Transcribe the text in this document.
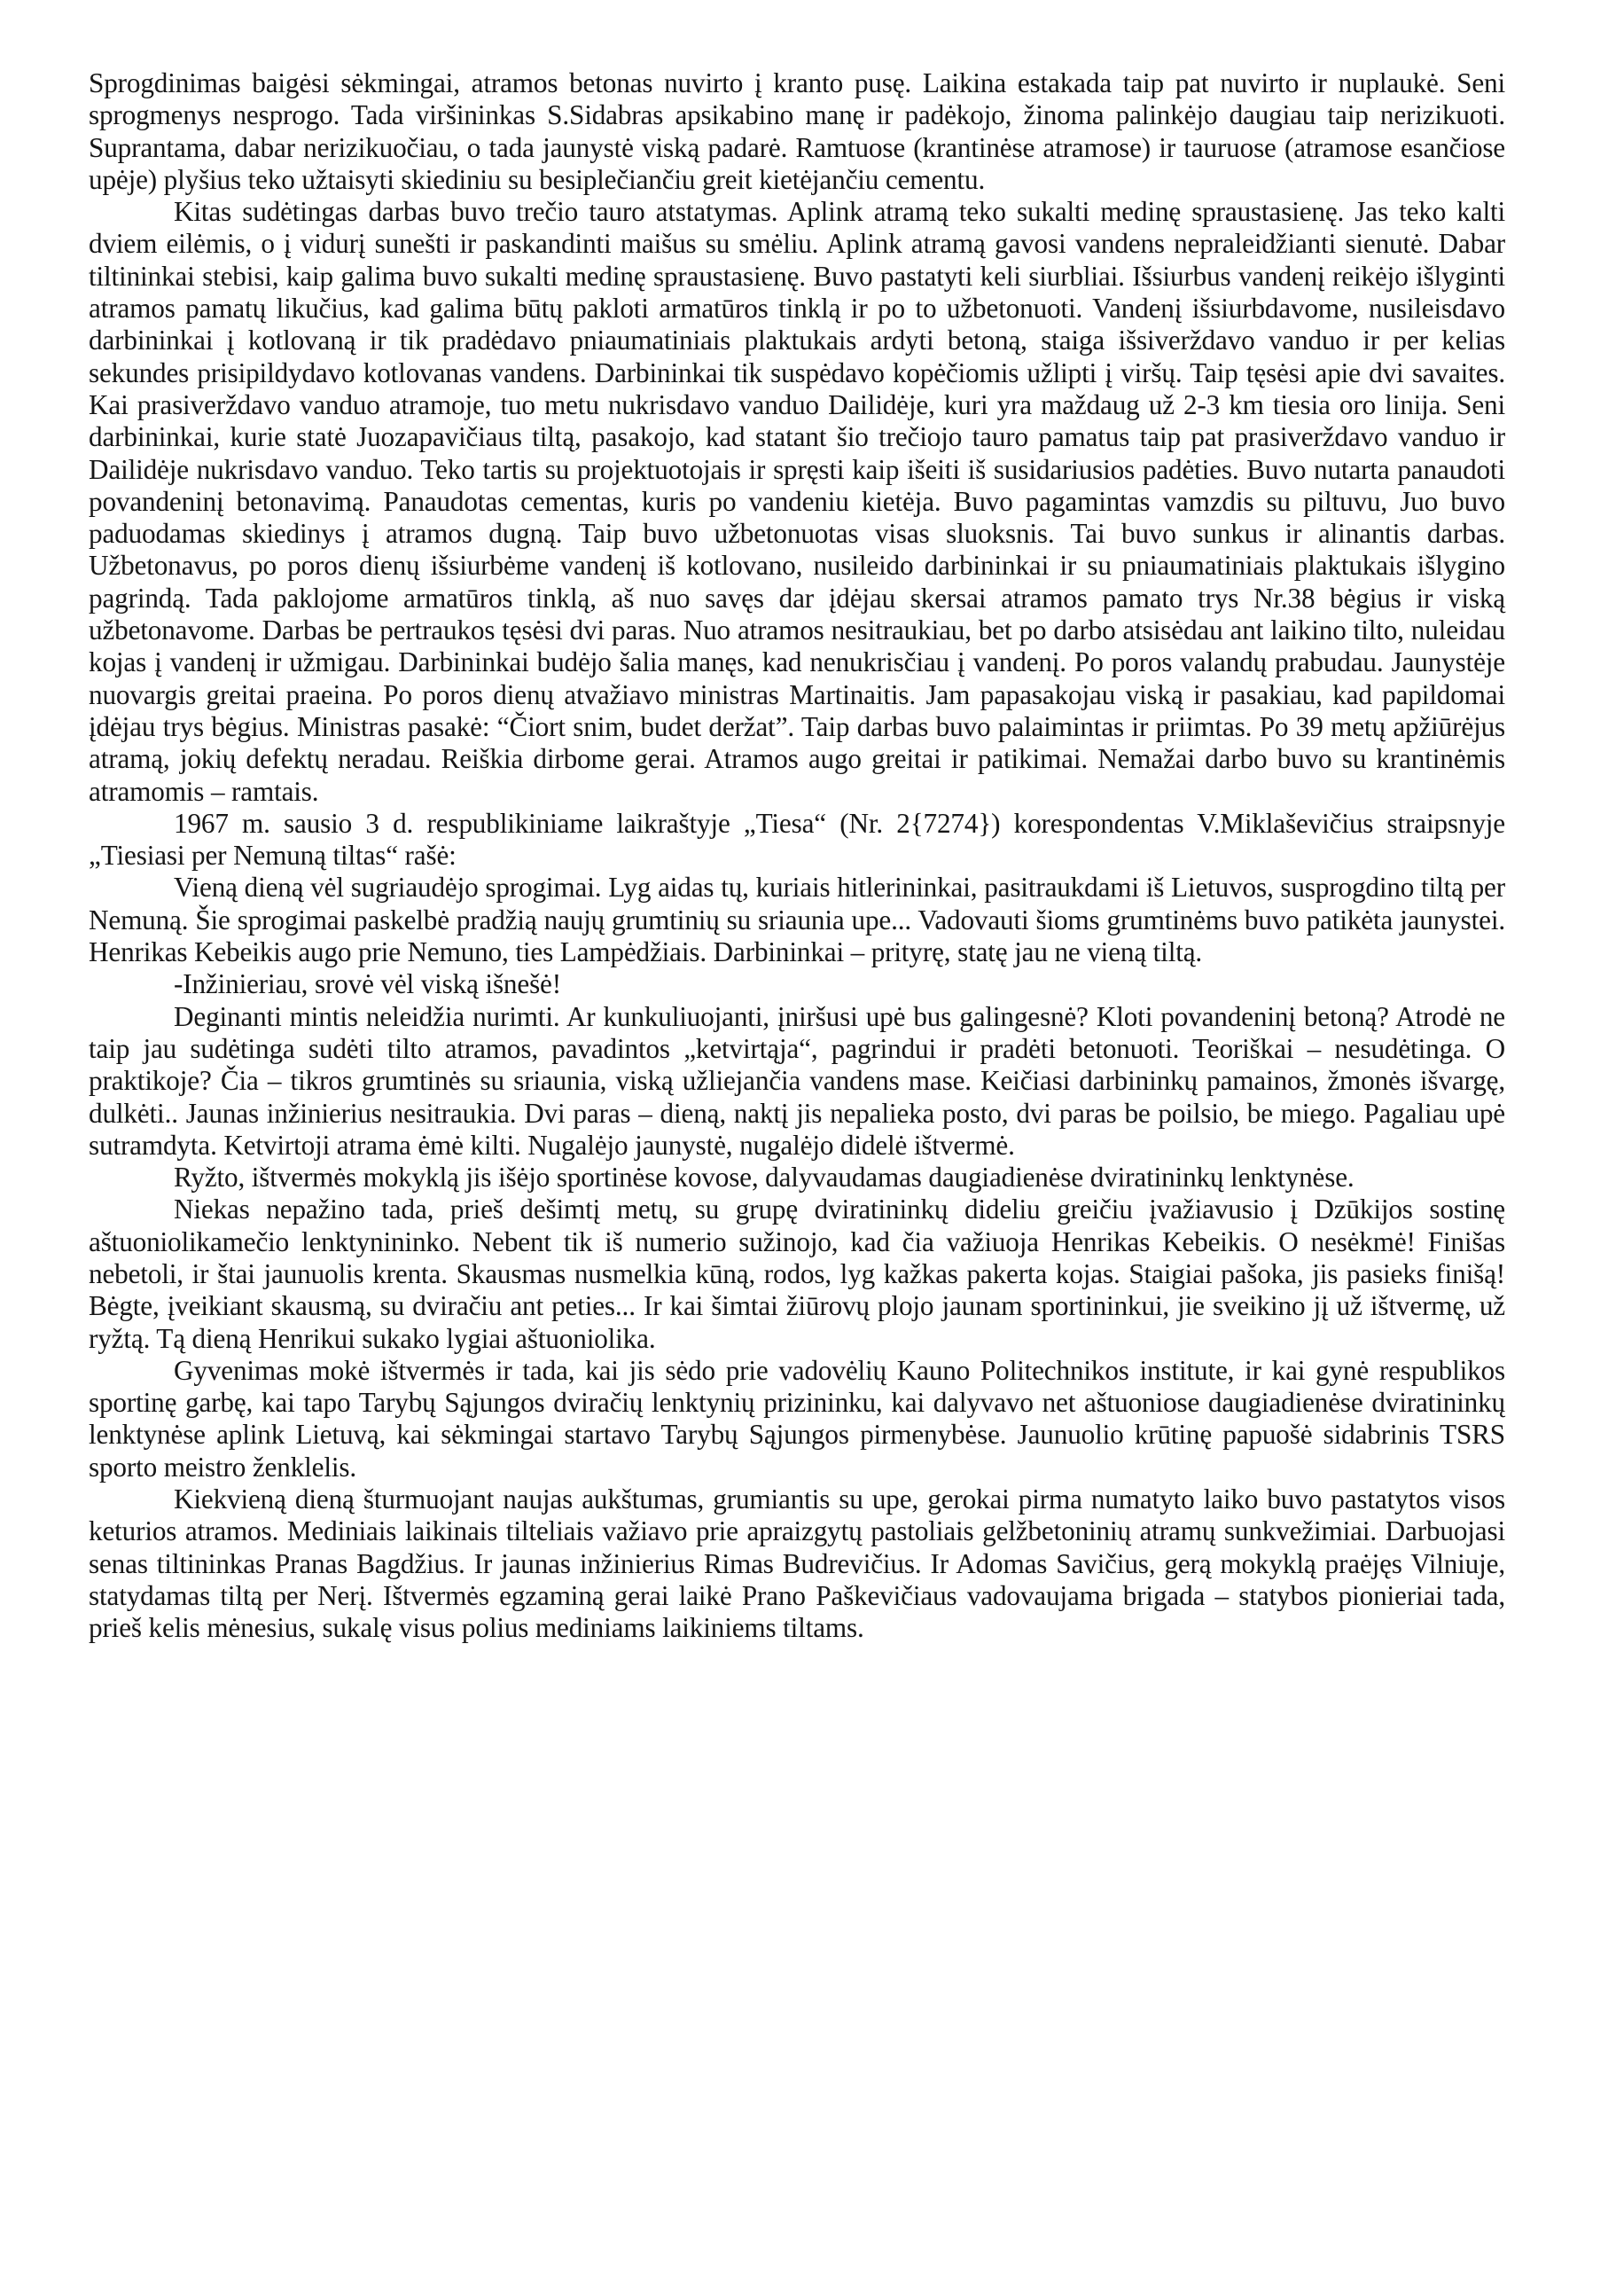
Sprogdinimas baigėsi sėkmingai, atramos betonas nuvirto į kranto pusę. Laikina estakada taip pat nuvirto ir nuplaukė. Seni sprogmenys nesprogo. Tada viršininkas S.Sidabras apsikabino manę ir padėkojo, žinoma palinkėjo daugiau taip nerizikuoti. Suprantama, dabar nerizikuočiau, o tada jaunystė viską padarė. Ramtuose (krantinėse atramose) ir tauruose (atramose esančiose upėje) plyšius teko užtaisyti skiediniu su besiplečiančiu greit kietėjančiu cementu.

Kitas sudėtingas darbas buvo trečio tauro atstatymas. Aplink atramą teko sukalti medinę spraustasienę. Jas teko kalti dviem eilėmis, o į vidurį sunešti ir paskandinti maišus su smėliu. Aplink atramą gavosi vandens nepraleidžianti sienutė. Dabar tiltininkai stebisi, kaip galima buvo sukalti medinę spraustasienę. Buvo pastatyti keli siurbliai. Išsiurbus vandenį reikėjo išlyginti atramos pamatų likučius, kad galima būtų pakloti armatūros tinklą ir po to užbetonuoti. Vandenį išsiurbdavome, nusileisdavo darbininkai į kotlovaną ir tik pradėdavo pniaumatiniais plaktukais ardyti betoną, staiga išsiverždavo vanduo ir per kelias sekundes prisipildydavo kotlovanas vandens. Darbininkai tik suspėdavo kopėčiomis užlipti į viršų. Taip tęsėsi apie dvi savaites. Kai prasiverždavo vanduo atramoje, tuo metu nukrisdavo vanduo Dailidėje, kuri yra maždaug už 2-3 km tiesia oro linija. Seni darbininkai, kurie statė Juozapavičiaus tiltą, pasakojo, kad statant šio trečiojo tauro pamatus taip pat prasiverždavo vanduo ir Dailidėje nukrisdavo vanduo. Teko tartis su projektuotojais ir spręsti kaip išeiti iš susidariusios padėties. Buvo nutarta panaudoti povandeninį betonavimą. Panaudotas cementas, kuris po vandeniu kietėja. Buvo pagamintas vamzdis su piltuvu, Juo buvo paduodamas skiedinys į atramos dugną. Taip buvo užbetonuotas visas sluoksnis. Tai buvo sunkus ir alinantis darbas. Užbetonavus, po poros dienų išsiurbėme vandenį iš kotlovano, nusileido darbininkai ir su pniaumatiniais plaktukais išlygino pagrindą. Tada paklojome armatūros tinklą, aš nuo savęs dar įdėjau skersai atramos pamato trys Nr.38 bėgius ir viską užbetonavome. Darbas be pertraukos tęsėsi dvi paras. Nuo atramos nesitraukiau, bet po darbo atsisėdau ant laikino tilto, nuleidau kojas į vandenį ir užmigau. Darbininkai budėjo šalia manęs, kad nenukrisčiau į vandenį. Po poros valandų prabudau. Jaunystėje nuovargis greitai praeina. Po poros dienų atvažiavo ministras Martinaitis. Jam papasakojau viską ir pasakiau, kad papildomai įdėjau trys bėgius. Ministras pasakė: “Čiort snim, budet deržat”. Taip darbas buvo palaimintas ir priimtas. Po 39 metų apžiūrėjus atramą, jokių defektų neradau. Reiškia dirbome gerai. Atramos augo greitai ir patikimai. Nemažai darbo buvo su krantinėmis atramomis – ramtais.

1967 m. sausio 3 d. respublikiniame laikraštyje „Tiesa“ (Nr. 2{7274}) korespondentas V.Miklaševičius straipsnyje „Tiesiasi per Nemuną tiltas“ rašė:

Vieną dieną vėl sugriaudėjo sprogimai. Lyg aidas tų, kuriais hitlerininkai, pasitraukdami iš Lietuvos, susprogdino tiltą per Nemuną. Šie sprogimai paskelbė pradžią naujų grumtinių su sriaunia upe... Vadovauti šioms grumtinėms buvo patikėta jaunystei. Henrikas Kebeikis augo prie Nemuno, ties Lampėdžiais. Darbininkai – prityrę, statę jau ne vieną tiltą.

-Inžinieriau, srovė vėl viską išnešė!

Deginanti mintis neleidžia nurimti. Ar kunkuliuojanti, įniršusi upė bus galingesnė? Kloti povandeninį betoną? Atrodė ne taip jau sudėtinga sudėti tilto atramos, pavadintos „ketvirtąja“, pagrindui ir pradėti betonuoti. Teoriškai – nesudėtinga. O praktikoje? Čia – tikros grumtinės su sriaunia, viską užliejančia vandens mase. Keičiasi darbininkų pamainos, žmonės išvargę, dulkėti.. Jaunas inžinierius nesitraukia. Dvi paras – dieną, naktį jis nepalieka posto, dvi paras be poilsio, be miego. Pagaliau upė sutramdyta. Ketvirtoji atrama ėmė kilti. Nugalėjo jaunystė, nugalėjo didelė ištvermė.

Ryžto, ištvermės mokyklą jis išėjo sportinėse kovose, dalyvaudamas daugiadienėse dviratininkų lenktynėse.

Niekas nepažino tada, prieš dešimtį metų, su grupę dviratininkų dideliu greičiu įvažiavusio į Dzūkijos sostinę aštuoniolikamečio lenktynininko. Nebent tik iš numerio sužinojo, kad čia važiuoja Henrikas Kebeikis. O nesėkmė! Finišas nebetoli, ir štai jaunuolis krenta. Skausmas nusmelkia kūną, rodos, lyg kažkas pakerta kojas. Staigiai pašoka, jis pasieks finišą! Bėgte, įveikiant skausmą, su dviračiu ant peties... Ir kai šimtai žiūrovų plojo jaunam sportininkui, jie sveikino jį už ištvermę, už ryžtą. Tą dieną Henrikui sukako lygiai aštuoniolika.

Gyvenimas mokė ištvermės ir tada, kai jis sėdo prie vadovėlių Kauno Politechnikos institute, ir kai gynė respublikos sportinę garbę, kai tapo Tarybų Sąjungos dviračių lenktynių prizininku, kai dalyvavo net aštuoniose daugiadienėse dviratininkų lenktynėse aplink Lietuvą, kai sėkmingai startavo Tarybų Sąjungos pirmenybėse. Jaunuolio krūtinę papuošė sidabrinis TSRS sporto meistro ženklelis.

Kiekvieną dieną šturmuojant naujas aukštumas, grumiantis su upe, gerokai pirma numatyto laiko buvo pastatytos visos keturios atramos. Mediniais laikinais tilteliais važiavo prie apraizgytų pastoliais gelžbetoninių atramų sunkvežimiai. Darbuojasi senas tiltininkas Pranas Bagdžius. Ir jaunas inžinierius Rimas Budrevičius. Ir Adomas Savičius, gerą mokyklą praėjęs Vilniuje, statydamas tiltą per Nerį. Ištvermės egzaminą gerai laikė Prano Paškevičiaus vadovaujama brigada – statybos pionieriai tada, prieš kelis mėnesius, sukalę visus polius mediniams laikiniems tiltams.
